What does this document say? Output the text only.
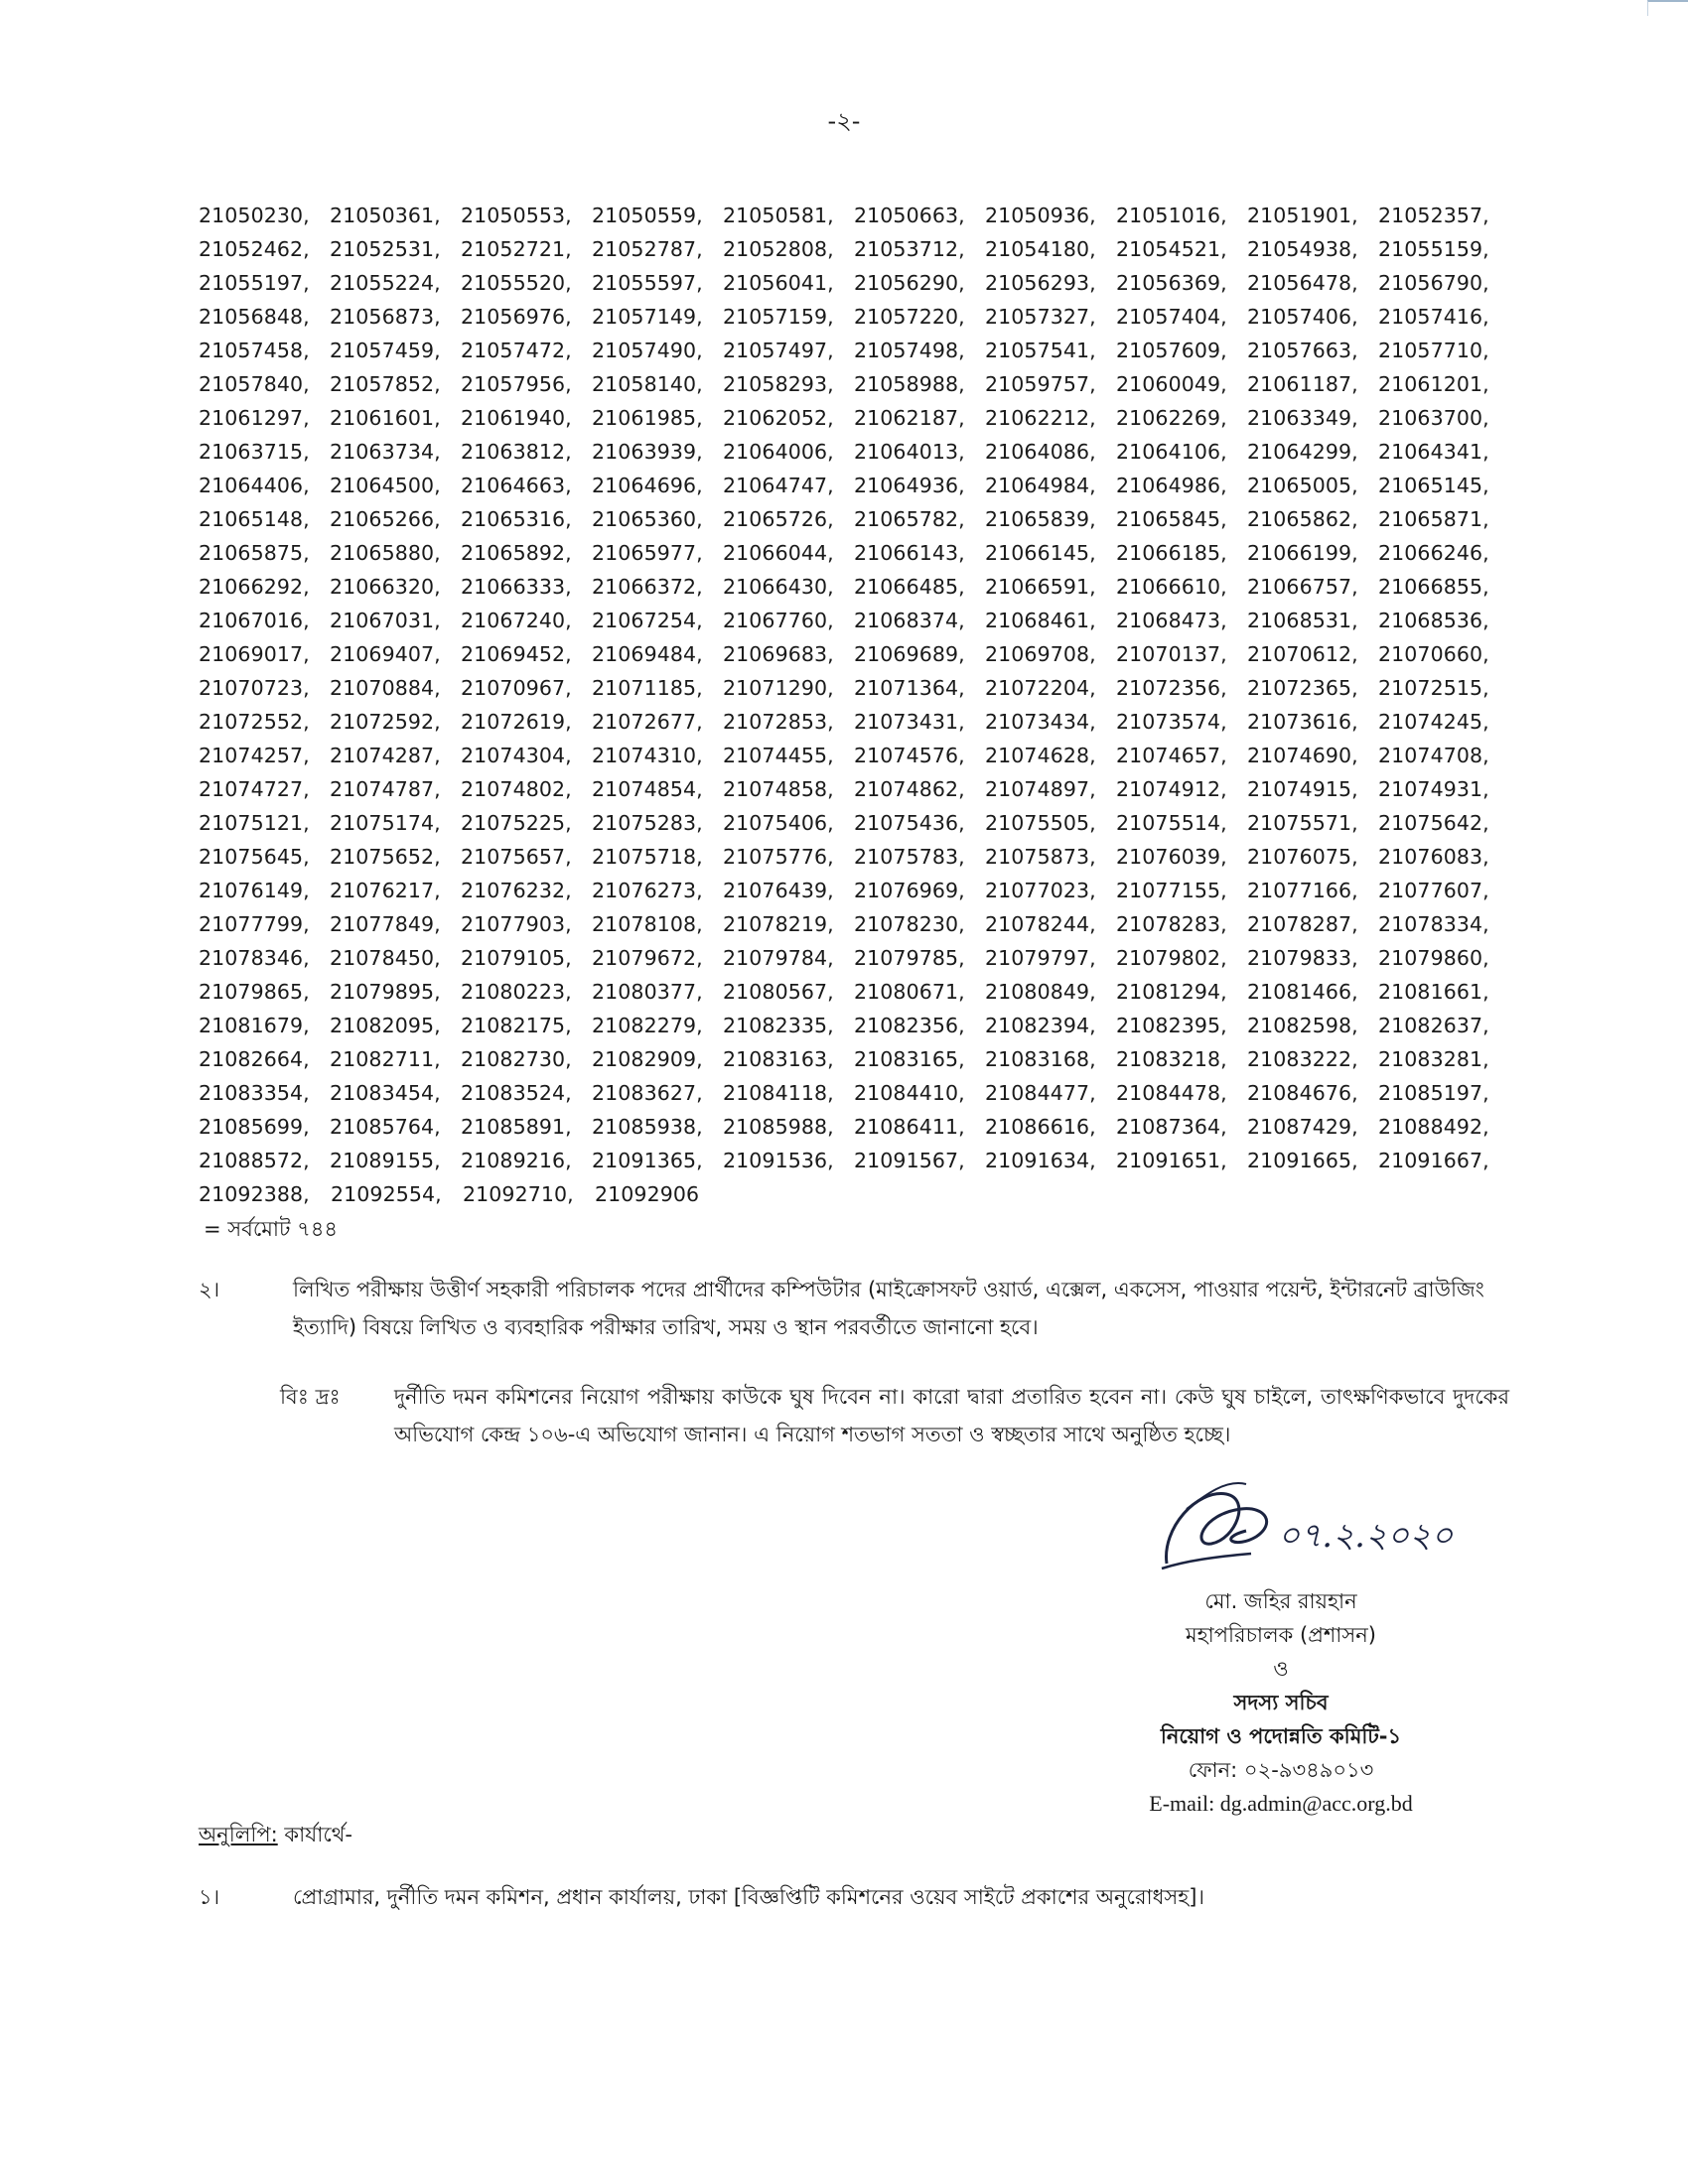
-২-
21050230, 21050361, 21050553, 21050559, 21050581, 21050663, 21050936, 21051016, 21051901, 21052357,
21052462, 21052531, 21052721, 21052787, 21052808, 21053712, 21054180, 21054521, 21054938, 21055159,
21055197, 21055224, 21055520, 21055597, 21056041, 21056290, 21056293, 21056369, 21056478, 21056790,
21056848, 21056873, 21056976, 21057149, 21057159, 21057220, 21057327, 21057404, 21057406, 21057416,
21057458, 21057459, 21057472, 21057490, 21057497, 21057498, 21057541, 21057609, 21057663, 21057710,
21057840, 21057852, 21057956, 21058140, 21058293, 21058988, 21059757, 21060049, 21061187, 21061201,
21061297, 21061601, 21061940, 21061985, 21062052, 21062187, 21062212, 21062269, 21063349, 21063700,
21063715, 21063734, 21063812, 21063939, 21064006, 21064013, 21064086, 21064106, 21064299, 21064341,
21064406, 21064500, 21064663, 21064696, 21064747, 21064936, 21064984, 21064986, 21065005, 21065145,
21065148, 21065266, 21065316, 21065360, 21065726, 21065782, 21065839, 21065845, 21065862, 21065871,
21065875, 21065880, 21065892, 21065977, 21066044, 21066143, 21066145, 21066185, 21066199, 21066246,
21066292, 21066320, 21066333, 21066372, 21066430, 21066485, 21066591, 21066610, 21066757, 21066855,
21067016, 21067031, 21067240, 21067254, 21067760, 21068374, 21068461, 21068473, 21068531, 21068536,
21069017, 21069407, 21069452, 21069484, 21069683, 21069689, 21069708, 21070137, 21070612, 21070660,
21070723, 21070884, 21070967, 21071185, 21071290, 21071364, 21072204, 21072356, 21072365, 21072515,
21072552, 21072592, 21072619, 21072677, 21072853, 21073431, 21073434, 21073574, 21073616, 21074245,
21074257, 21074287, 21074304, 21074310, 21074455, 21074576, 21074628, 21074657, 21074690, 21074708,
21074727, 21074787, 21074802, 21074854, 21074858, 21074862, 21074897, 21074912, 21074915, 21074931,
21075121, 21075174, 21075225, 21075283, 21075406, 21075436, 21075505, 21075514, 21075571, 21075642,
21075645, 21075652, 21075657, 21075718, 21075776, 21075783, 21075873, 21076039, 21076075, 21076083,
21076149, 21076217, 21076232, 21076273, 21076439, 21076969, 21077023, 21077155, 21077166, 21077607,
21077799, 21077849, 21077903, 21078108, 21078219, 21078230, 21078244, 21078283, 21078287, 21078334,
21078346, 21078450, 21079105, 21079672, 21079784, 21079785, 21079797, 21079802, 21079833, 21079860,
21079865, 21079895, 21080223, 21080377, 21080567, 21080671, 21080849, 21081294, 21081466, 21081661,
21081679, 21082095, 21082175, 21082279, 21082335, 21082356, 21082394, 21082395, 21082598, 21082637,
21082664, 21082711, 21082730, 21082909, 21083163, 21083165, 21083168, 21083218, 21083222, 21083281,
21083354, 21083454, 21083524, 21083627, 21084118, 21084410, 21084477, 21084478, 21084676, 21085197,
21085699, 21085764, 21085891, 21085938, 21085988, 21086411, 21086616, 21087364, 21087429, 21088492,
21088572, 21089155, 21089216, 21091365, 21091536, 21091567, 21091634, 21091651, 21091665, 21091667,
21092388,	21092554,	21092710,	21092906
= সর্বমোট ৭৪৪
২।	লিখিত পরীক্ষায় উত্তীর্ণ সহকারী পরিচালক পদের প্রার্থীদের কম্পিউটার (মাইক্রোসফট ওয়ার্ড, এক্সেল, একসেস, পাওয়ার পয়েন্ট, ইন্টারনেট ব্রাউজিং ইত্যাদি) বিষয়ে লিখিত ও ব্যবহারিক পরীক্ষার তারিখ, সময় ও স্থান পরবর্তীতে জানানো হবে।
বিঃ দ্রঃ	দুর্নীতি দমন কমিশনের নিয়োগ পরীক্ষায় কাউকে ঘুষ দিবেন না। কারো দ্বারা প্রতারিত হবেন না। কেউ ঘুষ চাইলে, তাৎক্ষণিকভাবে দুদকের অভিযোগ কেন্দ্র ১০৬-এ অভিযোগ জানান। এ নিয়োগ শতভাগ সততা ও স্বচ্ছতার সাথে অনুষ্ঠিত হচ্ছে।
০৭.২.২০২০
মো. জহির রায়হান
মহাপরিচালক (প্রশাসন)
ও
সদস্য সচিব
নিয়োগ ও পদোন্নতি কমিটি-১
ফোন: ০২-৯৩৪৯০১৩
E-mail: dg.admin@acc.org.bd
অনুলিপি: কার্যার্থে-
১।	প্রোগ্রামার, দুর্নীতি দমন কমিশন, প্রধান কার্যালয়, ঢাকা [বিজ্ঞপ্তিটি কমিশনের ওয়েব সাইটে প্রকাশের অনুরোধসহ]।
